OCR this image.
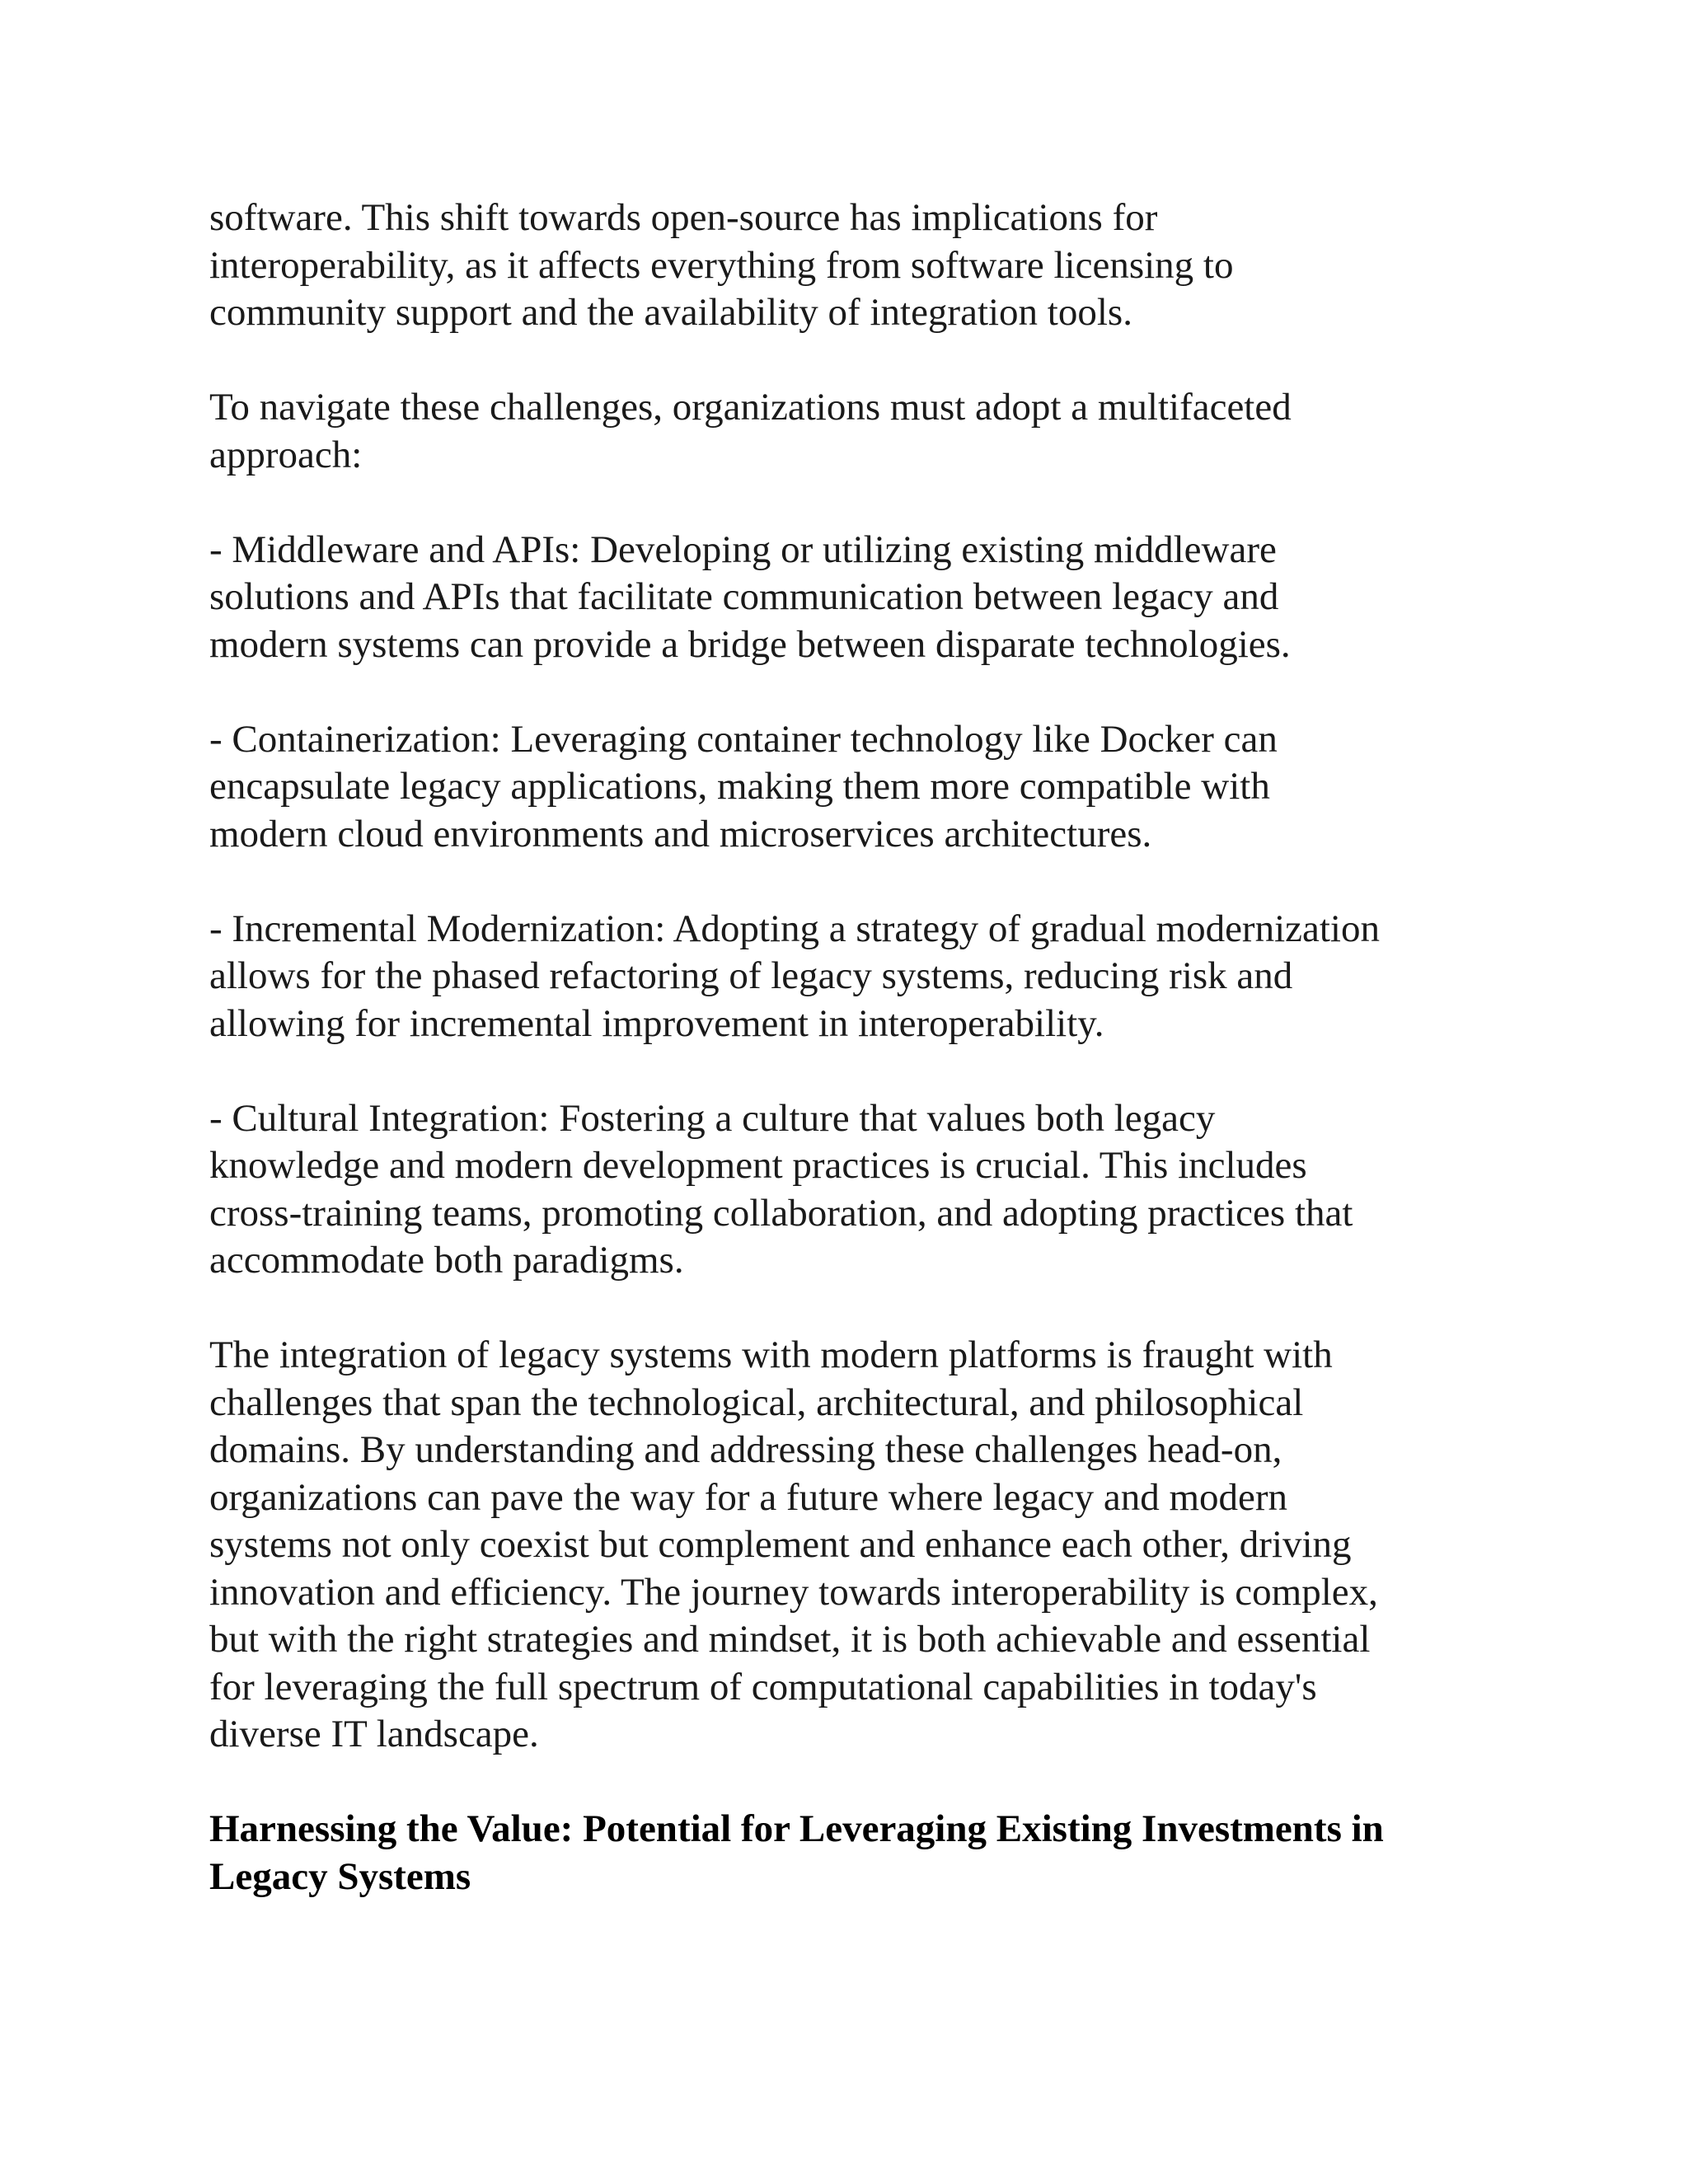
software. This shift towards open-source has implications for
interoperability, as it affects everything from software licensing to
community support and the availability of integration tools.

To navigate these challenges, organizations must adopt a multifaceted
approach:

- Middleware and APIs: Developing or utilizing existing middleware
solutions and APIs that facilitate communication between legacy and
modern systems can provide a bridge between disparate technologies.

- Containerization: Leveraging container technology like Docker can
encapsulate legacy applications, making them more compatible with
modern cloud environments and microservices architectures.

- Incremental Modernization: Adopting a strategy of gradual modernization
allows for the phased refactoring of legacy systems, reducing risk and
allowing for incremental improvement in interoperability.

- Cultural Integration: Fostering a culture that values both legacy
knowledge and modern development practices is crucial. This includes
cross-training teams, promoting collaboration, and adopting practices that
accommodate both paradigms.

The integration of legacy systems with modern platforms is fraught with
challenges that span the technological, architectural, and philosophical
domains. By understanding and addressing these challenges head-on,
organizations can pave the way for a future where legacy and modern
systems not only coexist but complement and enhance each other, driving
innovation and efficiency. The journey towards interoperability is complex,
but with the right strategies and mindset, it is both achievable and essential
for leveraging the full spectrum of computational capabilities in today's
diverse IT landscape.

Harnessing the Value: Potential for Leveraging Existing Investments in
Legacy Systems
